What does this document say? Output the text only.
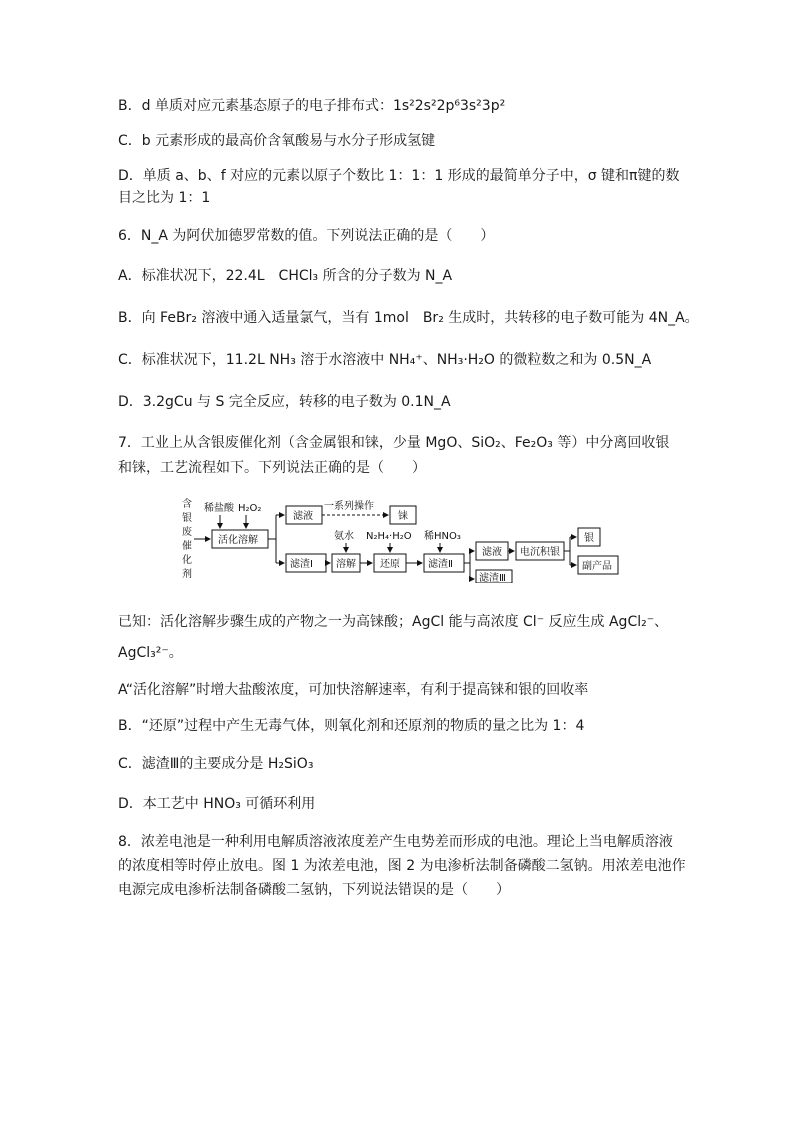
B．d 单质对应元素基态原子的电子排布式：1s²2s²2p⁶3s²3p²
C．b 元素形成的最高价含氧酸易与水分子形成氢键
D．单质 a、b、f 对应的元素以原子个数比 1：1：1 形成的最简单分子中，σ 键和π键的数
目之比为 1：1
6．N_A 为阿伏加德罗常数的值。下列说法正确的是（　　）
A．标准状况下，22.4L　CHCl₃ 所含的分子数为 N_A
B．向 FeBr₂ 溶液中通入适量氯气，当有 1mol　Br₂ 生成时，共转移的电子数可能为 4N_A。
C．标准状况下，11.2L NH₃ 溶于水溶液中 NH₄⁺、NH₃·H₂O 的微粒数之和为 0.5N_A
D．3.2gCu 与 S 完全反应，转移的电子数为 0.1N_A
7．工业上从含银废催化剂（含金属银和铼，少量 MgO、SiO₂、Fe₂O₃ 等）中分离回收银
和铼，工艺流程如下。下列说法正确的是（　　）
含
银
废
催
化
剂
稀盐酸 H₂O₂
活化溶解
滤液
一系列操作
铼
滤渣Ⅰ
氨水
溶解
N₂H₄·H₂O
还原
稀HNO₃
滤渣Ⅱ
滤液
滤渣Ⅲ
电沉积银
银
副产品
已知：活化溶解步骤生成的产物之一为高铼酸；AgCl 能与高浓度 Cl⁻ 反应生成 AgCl₂⁻、
AgCl₃²⁻。
A“活化溶解”时增大盐酸浓度，可加快溶解速率，有利于提高铼和银的回收率
B．“还原”过程中产生无毒气体，则氧化剂和还原剂的物质的量之比为 1：4
C．滤渣Ⅲ的主要成分是 H₂SiO₃
D．本工艺中 HNO₃ 可循环利用
8．浓差电池是一种利用电解质溶液浓度差产生电势差而形成的电池。理论上当电解质溶液
的浓度相等时停止放电。图 1 为浓差电池，图 2 为电渗析法制备磷酸二氢钠。用浓差电池作
电源完成电渗析法制备磷酸二氢钠，下列说法错误的是（　　）
